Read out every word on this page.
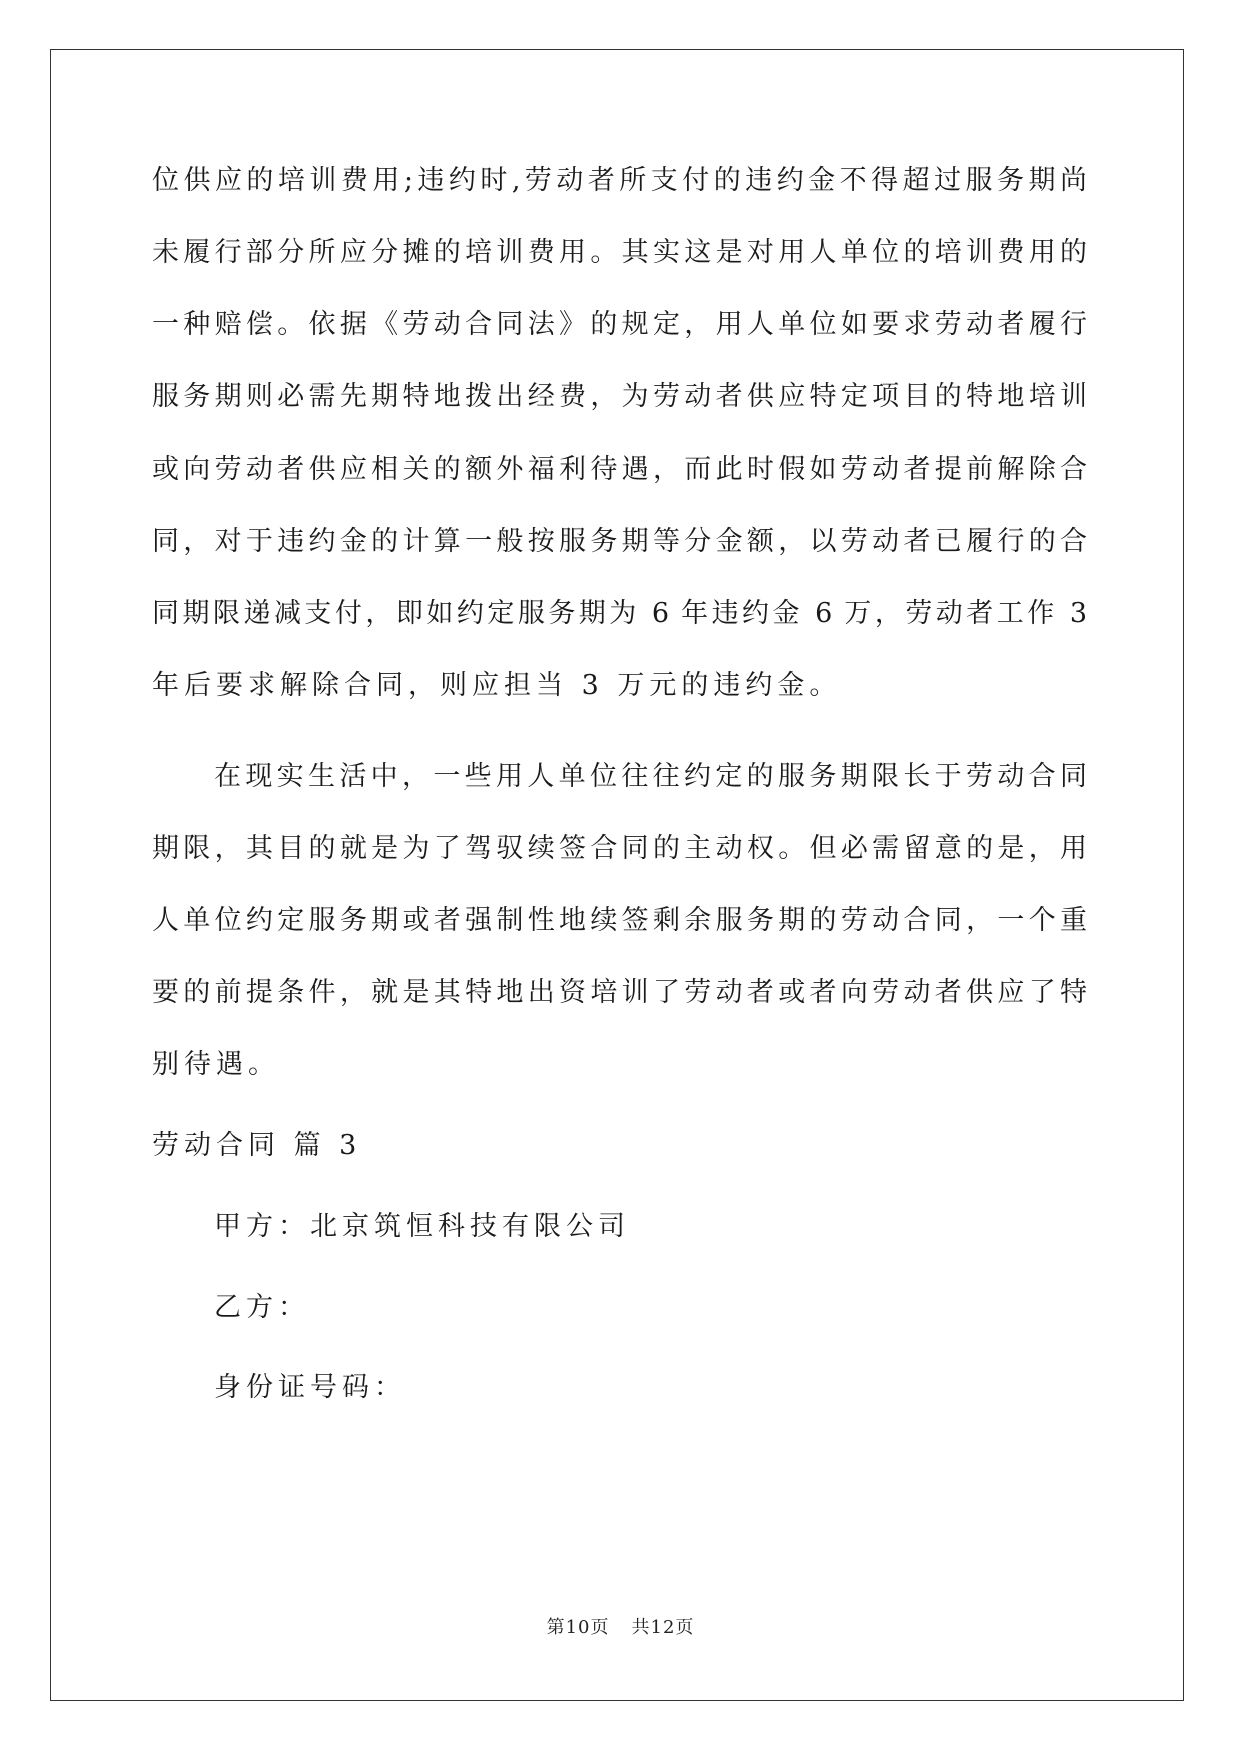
位供应的培训费用;违约时,劳动者所支付的违约金不得超过服务期尚
未履行部分所应分摊的培训费用。其实这是对用人单位的培训费用的
一种赔偿。依据《劳动合同法》的规定，用人单位如要求劳动者履行
服务期则必需先期特地拨出经费，为劳动者供应特定项目的特地培训
或向劳动者供应相关的额外福利待遇，而此时假如劳动者提前解除合
同，对于违约金的计算一般按服务期等分金额，以劳动者已履行的合
同期限递减支付，即如约定服务期为 6 年违约金 6 万，劳动者工作 3
年后要求解除合同，则应担当 3 万元的违约金。
在现实生活中，一些用人单位往往约定的服务期限长于劳动合同
期限，其目的就是为了驾驭续签合同的主动权。但必需留意的是，用
人单位约定服务期或者强制性地续签剩余服务期的劳动合同，一个重
要的前提条件，就是其特地出资培训了劳动者或者向劳动者供应了特
别待遇。
劳动合同 篇 3
甲方：北京筑恒科技有限公司
乙方：
身份证号码：
第10页 共12页
